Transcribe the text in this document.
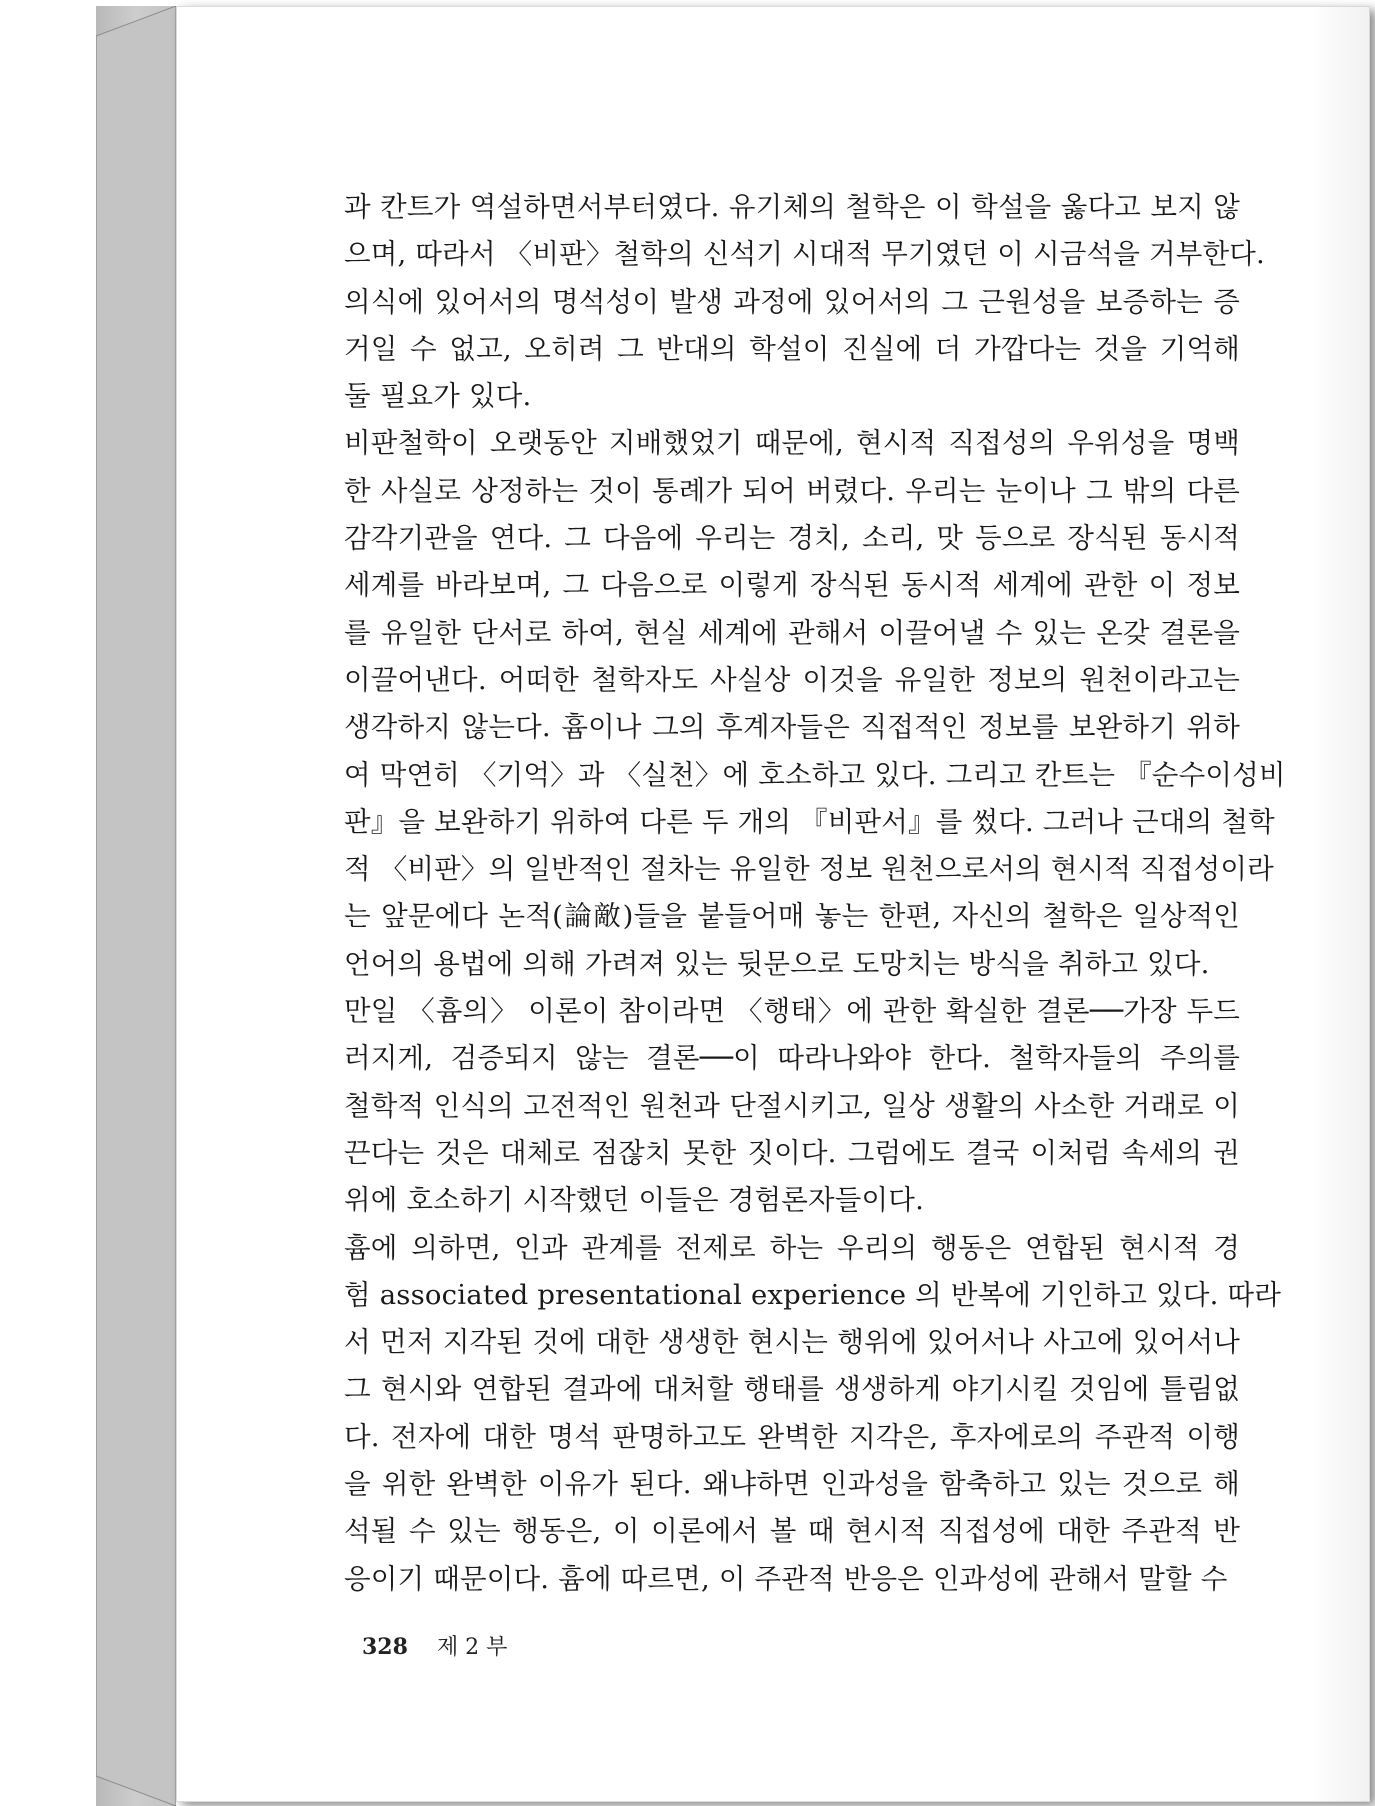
과 칸트가 역설하면서부터였다. 유기체의 철학은 이 학설을 옳다고 보지 않
으며, 따라서 〈비판〉철학의 신석기 시대적 무기였던 이 시금석을 거부한다.
의식에 있어서의 명석성이 발생 과정에 있어서의 그 근원성을 보증하는 증
거일 수 없고, 오히려 그 반대의 학설이 진실에 더 가깝다는 것을 기억해
둘 필요가 있다.
비판철학이 오랫동안 지배했었기 때문에, 현시적 직접성의 우위성을 명백
한 사실로 상정하는 것이 통례가 되어 버렸다. 우리는 눈이나 그 밖의 다른
감각기관을 연다. 그 다음에 우리는 경치, 소리, 맛 등으로 장식된 동시적
세계를 바라보며, 그 다음으로 이렇게 장식된 동시적 세계에 관한 이 정보
를 유일한 단서로 하여, 현실 세계에 관해서 이끌어낼 수 있는 온갖 결론을
이끌어낸다. 어떠한 철학자도 사실상 이것을 유일한 정보의 원천이라고는
생각하지 않는다. 흄이나 그의 후계자들은 직접적인 정보를 보완하기 위하
여 막연히 〈기억〉과 〈실천〉에 호소하고 있다. 그리고 칸트는 『순수이성비
판』을 보완하기 위하여 다른 두 개의 『비판서』를 썼다. 그러나 근대의 철학
적 〈비판〉의 일반적인 절차는 유일한 정보 원천으로서의 현시적 직접성이라
는 앞문에다 논적(論敵)들을 붙들어매 놓는 한편, 자신의 철학은 일상적인
언어의 용법에 의해 가려져 있는 뒷문으로 도망치는 방식을 취하고 있다.
만일 〈흄의〉 이론이 참이라면 〈행태〉에 관한 확실한 결론──가장 두드
러지게, 검증되지 않는 결론──이 따라나와야 한다. 철학자들의 주의를
철학적 인식의 고전적인 원천과 단절시키고, 일상 생활의 사소한 거래로 이
끈다는 것은 대체로 점잖치 못한 짓이다. 그럼에도 결국 이처럼 속세의 권
위에 호소하기 시작했던 이들은 경험론자들이다.
흄에 의하면, 인과 관계를 전제로 하는 우리의 행동은 연합된 현시적 경
험 associated presentational experience 의 반복에 기인하고 있다. 따라
서 먼저 지각된 것에 대한 생생한 현시는 행위에 있어서나 사고에 있어서나
그 현시와 연합된 결과에 대처할 행태를 생생하게 야기시킬 것임에 틀림없
다. 전자에 대한 명석 판명하고도 완벽한 지각은, 후자에로의 주관적 이행
을 위한 완벽한 이유가 된다. 왜냐하면 인과성을 함축하고 있는 것으로 해
석될 수 있는 행동은, 이 이론에서 볼 때 현시적 직접성에 대한 주관적 반
응이기 때문이다. 흄에 따르면, 이 주관적 반응은 인과성에 관해서 말할 수
328 제 2 부
